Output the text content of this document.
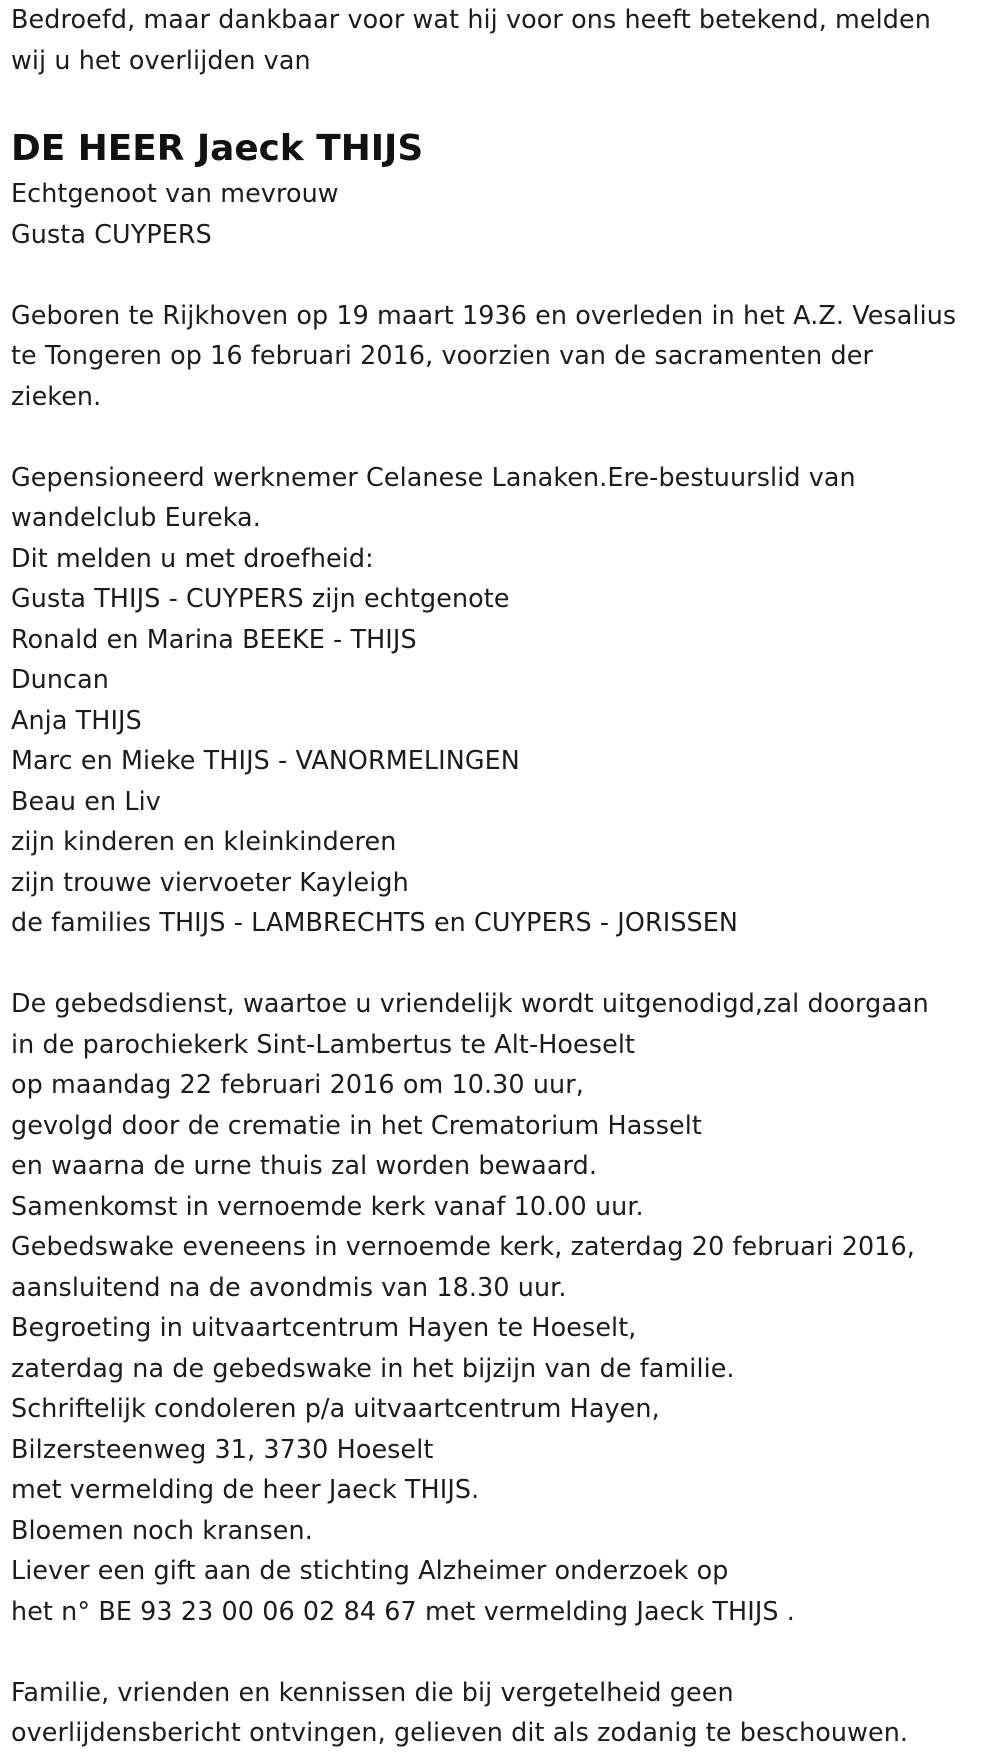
Bedroefd, maar dankbaar voor wat hij voor ons heeft betekend, melden
wij u het overlijden van
DE HEER Jaeck THIJS
Echtgenoot van mevrouw
Gusta CUYPERS
Geboren te Rijkhoven op 19 maart 1936 en overleden in het A.Z. Vesalius
te Tongeren op 16 februari 2016, voorzien van de sacramenten der
zieken.
Gepensioneerd werknemer Celanese Lanaken.Ere-bestuurslid van
wandelclub Eureka.
Dit melden u met droefheid:
Gusta THIJS - CUYPERS zijn echtgenote
Ronald en Marina BEEKE - THIJS
Duncan
Anja THIJS
Marc en Mieke THIJS - VANORMELINGEN
Beau en Liv
zijn kinderen en kleinkinderen
zijn trouwe viervoeter Kayleigh
de families THIJS - LAMBRECHTS en CUYPERS - JORISSEN
De gebedsdienst, waartoe u vriendelijk wordt uitgenodigd,zal doorgaan
in de parochiekerk Sint-Lambertus te Alt-Hoeselt
op maandag 22 februari 2016 om 10.30 uur,
gevolgd door de crematie in het Crematorium Hasselt
en waarna de urne thuis zal worden bewaard.
Samenkomst in vernoemde kerk vanaf 10.00 uur.
Gebedswake eveneens in vernoemde kerk, zaterdag 20 februari 2016,
aansluitend na de avondmis van 18.30 uur.
Begroeting in uitvaartcentrum Hayen te Hoeselt,
zaterdag na de gebedswake in het bijzijn van de familie.
Schriftelijk condoleren p/a uitvaartcentrum Hayen,
Bilzersteenweg 31, 3730 Hoeselt
met vermelding de heer Jaeck THIJS.
Bloemen noch kransen.
Liever een gift aan de stichting Alzheimer onderzoek op
het n° BE 93 23 00 06 02 84 67 met vermelding Jaeck THIJS .
Familie, vrienden en kennissen die bij vergetelheid geen
overlijdensbericht ontvingen, gelieven dit als zodanig te beschouwen.
